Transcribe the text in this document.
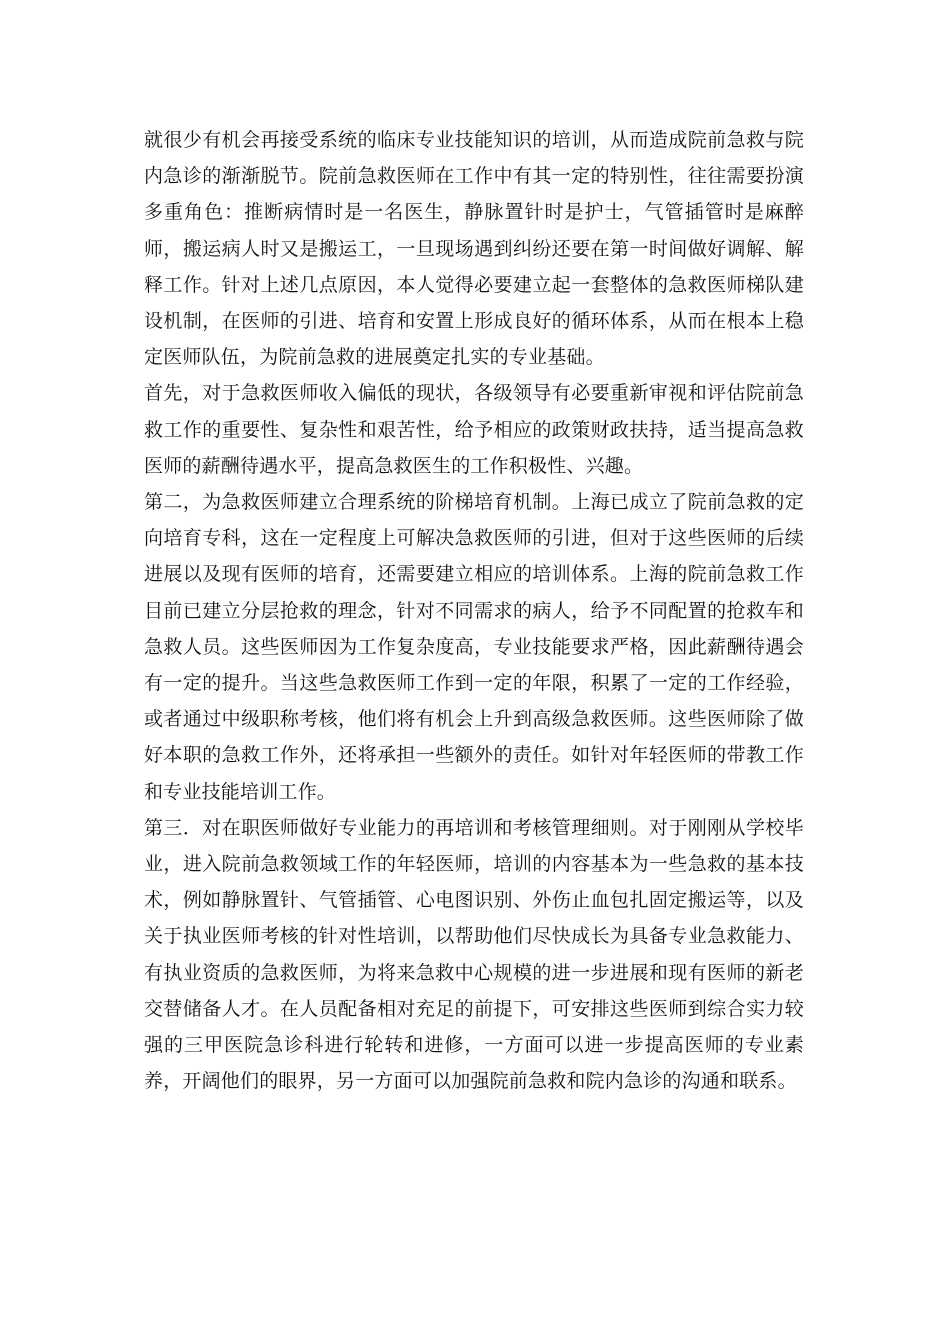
就很少有机会再接受系统的临床专业技能知识的培训，从而造成院前急救与院内急诊的渐渐脱节。院前急救医师在工作中有其一定的特别性，往往需要扮演多重角色：推断病情时是一名医生，静脉置针时是护士，气管插管时是麻醉师，搬运病人时又是搬运工，一旦现场遇到纠纷还要在第一时间做好调解、解释工作。针对上述几点原因，本人觉得必要建立起一套整体的急救医师梯队建设机制，在医师的引进、培育和安置上形成良好的循环体系，从而在根本上稳定医师队伍，为院前急救的进展奠定扎实的专业基础。

首先，对于急救医师收入偏低的现状，各级领导有必要重新审视和评估院前急救工作的重要性、复杂性和艰苦性，给予相应的政策财政扶持，适当提高急救医师的薪酬待遇水平，提高急救医生的工作积极性、兴趣。

第二，为急救医师建立合理系统的阶梯培育机制。上海已成立了院前急救的定向培育专科，这在一定程度上可解决急救医师的引进，但对于这些医师的后续进展以及现有医师的培育，还需要建立相应的培训体系。上海的院前急救工作目前已建立分层抢救的理念，针对不同需求的病人，给予不同配置的抢救车和急救人员。这些医师因为工作复杂度高，专业技能要求严格，因此薪酬待遇会有一定的提升。当这些急救医师工作到一定的年限，积累了一定的工作经验，或者通过中级职称考核，他们将有机会上升到高级急救医师。这些医师除了做好本职的急救工作外，还将承担一些额外的责任。如针对年轻医师的带教工作和专业技能培训工作。

第三．对在职医师做好专业能力的再培训和考核管理细则。对于刚刚从学校毕业，进入院前急救领域工作的年轻医师，培训的内容基本为一些急救的基本技术，例如静脉置针、气管插管、心电图识别、外伤止血包扎固定搬运等，以及关于执业医师考核的针对性培训，以帮助他们尽快成长为具备专业急救能力、有执业资质的急救医师，为将来急救中心规模的进一步进展和现有医师的新老交替储备人才。在人员配备相对充足的前提下，可安排这些医师到综合实力较强的三甲医院急诊科进行轮转和进修，一方面可以进一步提高医师的专业素养，开阔他们的眼界，另一方面可以加强院前急救和院内急诊的沟通和联系。
